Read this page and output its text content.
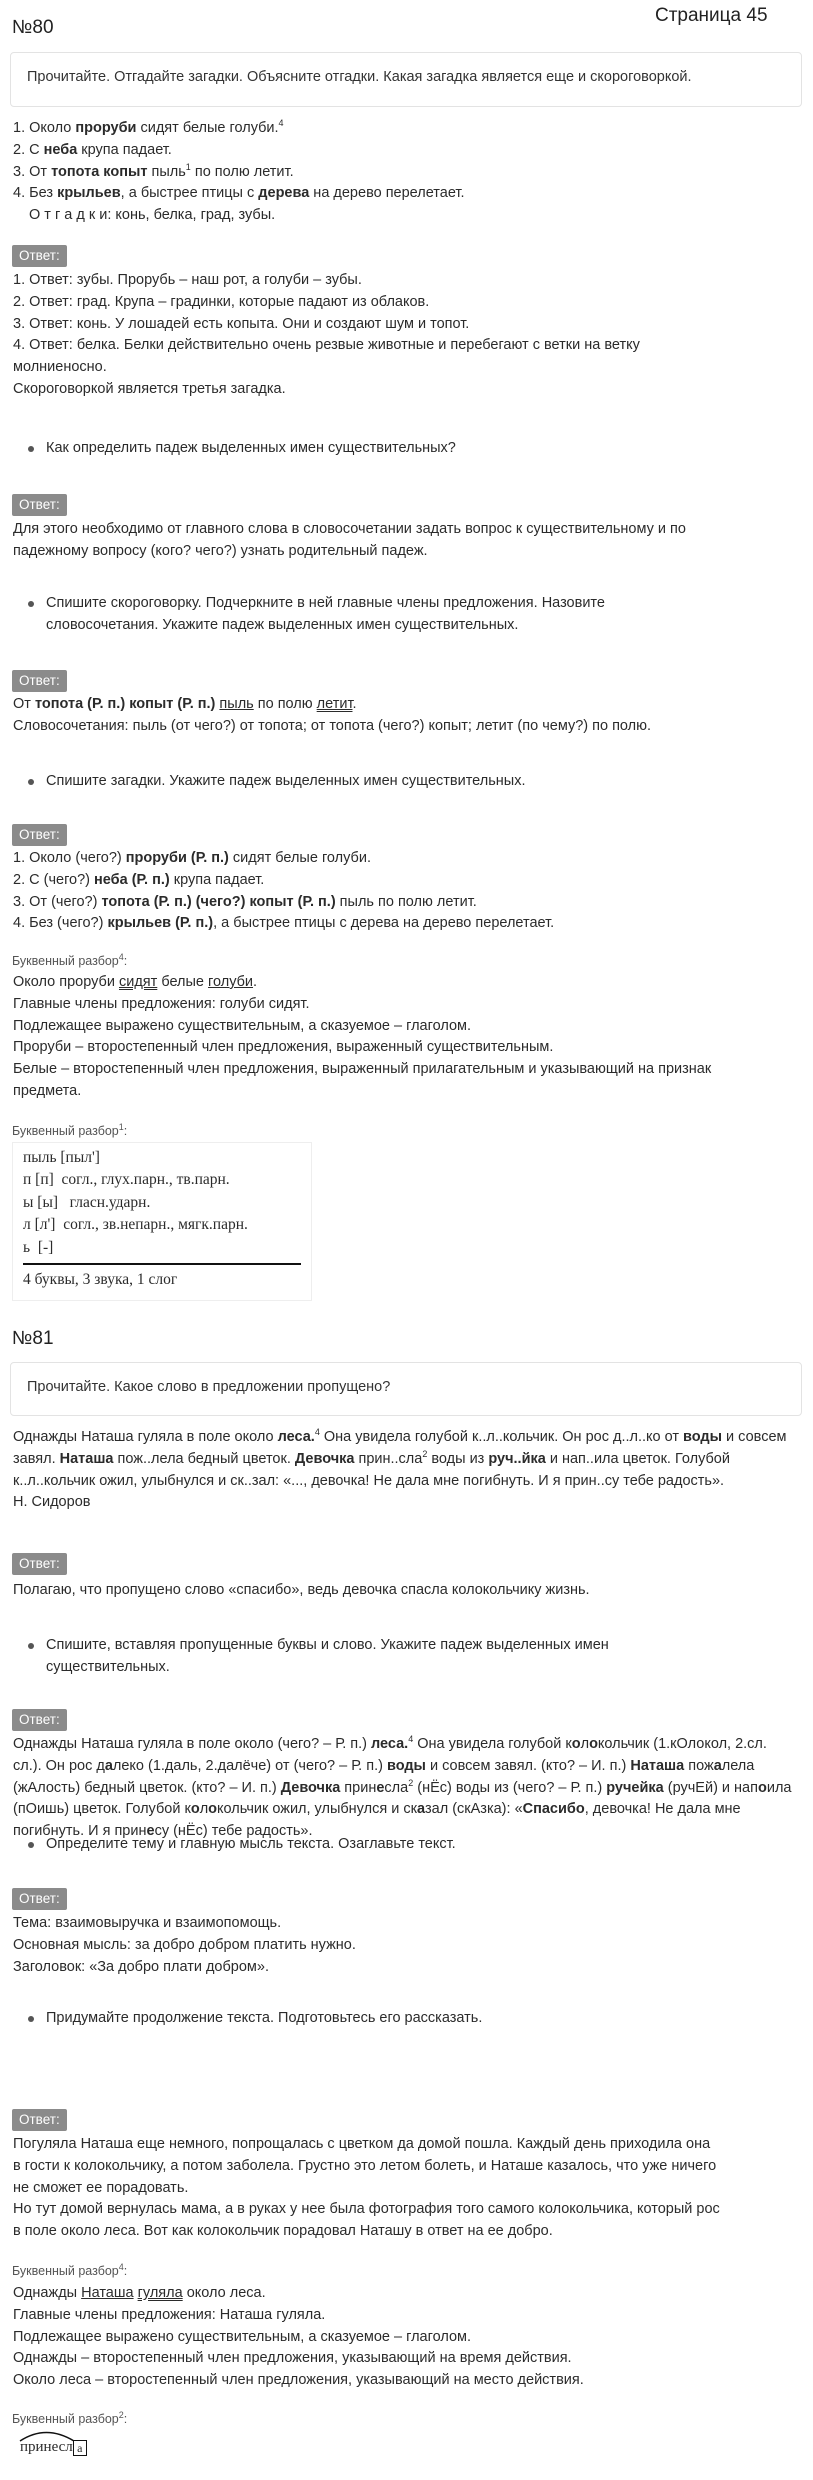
№80
Страница 45
Прочитайте. Отгадайте загадки. Объясните отгадки. Какая загадка является еще и скороговоркой.
1. Около проруби сидят белые голуби.$^4$
2. С неба крупа падает.
3. От топота копыт пыль$^1$ по полю летит.
4. Без крыльев, а быстрее птицы с дерева на дерево перелетает.
О т г а д к и: конь, белка, град, зубы.
Ответ:
1. Ответ: зубы. Прорубь – наш рот, а голуби – зубы.
2. Ответ: град. Крупа – градинки, которые падают из облаков.
3. Ответ: конь. У лошадей есть копыта. Они и создают шум и топот.
4. Ответ: белка. Белки действительно очень резвые животные и перебегают с ветки на ветку
молниеносно.
Скороговоркой является третья загадка.
Как определить падеж выделенных имен существительных?
Ответ:
Для этого необходимо от главного слова в словосочетании задать вопрос к существительному и по
падежному вопросу (кого? чего?) узнать родительный падеж.
Спишите скороговорку. Подчеркните в ней главные члены предложения. Назовите
словосочетания. Укажите падеж выделенных имен существительных.
Ответ:
От топота (Р. п.) копыт (Р. п.) пыль по полю летит.
Словосочетания: пыль (от чего?) от топота; от топота (чего?) копыт; летит (по чему?) по полю.
Спишите загадки. Укажите падеж выделенных имен существительных.
Ответ:
1. Около (чего?) проруби (Р. п.) сидят белые голуби.
2. С (чего?) неба (Р. п.) крупа падает.
3. От (чего?) топота (Р. п.) (чего?) копыт (Р. п.) пыль по полю летит.
4. Без (чего?) крыльев (Р. п.), а быстрее птицы с дерева на дерево перелетает.
Буквенный разбор$^4$:
Около проруби сидят белые голуби.
Главные члены предложения: голуби сидят.
Подлежащее выражено существительным, а сказуемое – глаголом.
Проруби – второстепенный член предложения, выраженный существительным.
Белые – второстепенный член предложения, выраженный прилагательным и указывающий на признак
предмета.
Буквенный разбор$^1$:
пыль [пыл']
п [п]  согл., глух.парн., тв.парн.
ы [ы]   гласн.ударн.
л [л']  согл., зв.непарн., мягк.парн.
ь  [-]
4 буквы, 3 звука, 1 слог
№81
Прочитайте. Какое слово в предложении пропущено?
Однажды Наташа гуляла в поле около леса.$^4$ Она увидела голубой к..л..кольчик. Он рос д..л..ко от воды и совсем завял. Наташа пож..лела бедный цветок. Девочка прин..сла$^2$ воды из руч..йка и нап..ила цветок. Голубой к..л..кольчик ожил, улыбнулся и ск..зал: «..., девочка! Не дала мне погибнуть. И я прин..су тебе радость».
Н. Сидоров
Ответ:
Полагаю, что пропущено слово «спасибо», ведь девочка спасла колокольчику жизнь.
Спишите, вставляя пропущенные буквы и слово. Укажите падеж выделенных имен
существительных.
Ответ:
Однажды Наташа гуляла в поле около (чего? – Р. п.) леса.$^4$ Она увидела голубой колокольчик (1.кОлокол, 2.сл. сл.). Он рос далеко (1.даль, 2.далёче) от (чего? – Р. п.) воды и совсем завял. (кто? – И. п.) Наташа пожалела (жАлость) бедный цветок. (кто? – И. п.) Девочка принесла$^2$ (нЁс) воды из (чего? – Р. п.) ручейка (ручЕй) и напоила (пОишь) цветок. Голубой колокольчик ожил, улыбнулся и сказал (скАзка): «Спасибо, девочка! Не дала мне погибнуть. И я принесу (нЁс) тебе радость».
Определите тему и главную мысль текста. Озаглавьте текст.
Ответ:
Тема: взаимовыручка и взаимопомощь.
Основная мысль: за добро добром платить нужно.
Заголовок: «За добро плати добром».
Придумайте продолжение текста. Подготовьтесь его рассказать.
Ответ:
Погуляла Наташа еще немного, попрощалась с цветком да домой пошла. Каждый день приходила она
в гости к колокольчику, а потом заболела. Грустно это летом болеть, и Наташе казалось, что уже ничего
не сможет ее порадовать.
Но тут домой вернулась мама, а в руках у нее была фотография того самого колокольчика, который рос
в поле около леса. Вот как колокольчик порадовал Наташу в ответ на ее добро.
Буквенный разбор$^4$:
Однажды Наташа гуляла около леса.
Главные члены предложения: Наташа гуляла.
Подлежащее выражено существительным, а сказуемое – глаголом.
Однажды – второстепенный член предложения, указывающий на время действия.
Около леса – второстепенный член предложения, указывающий на место действия.
Буквенный разбор$^2$:
принесл а
